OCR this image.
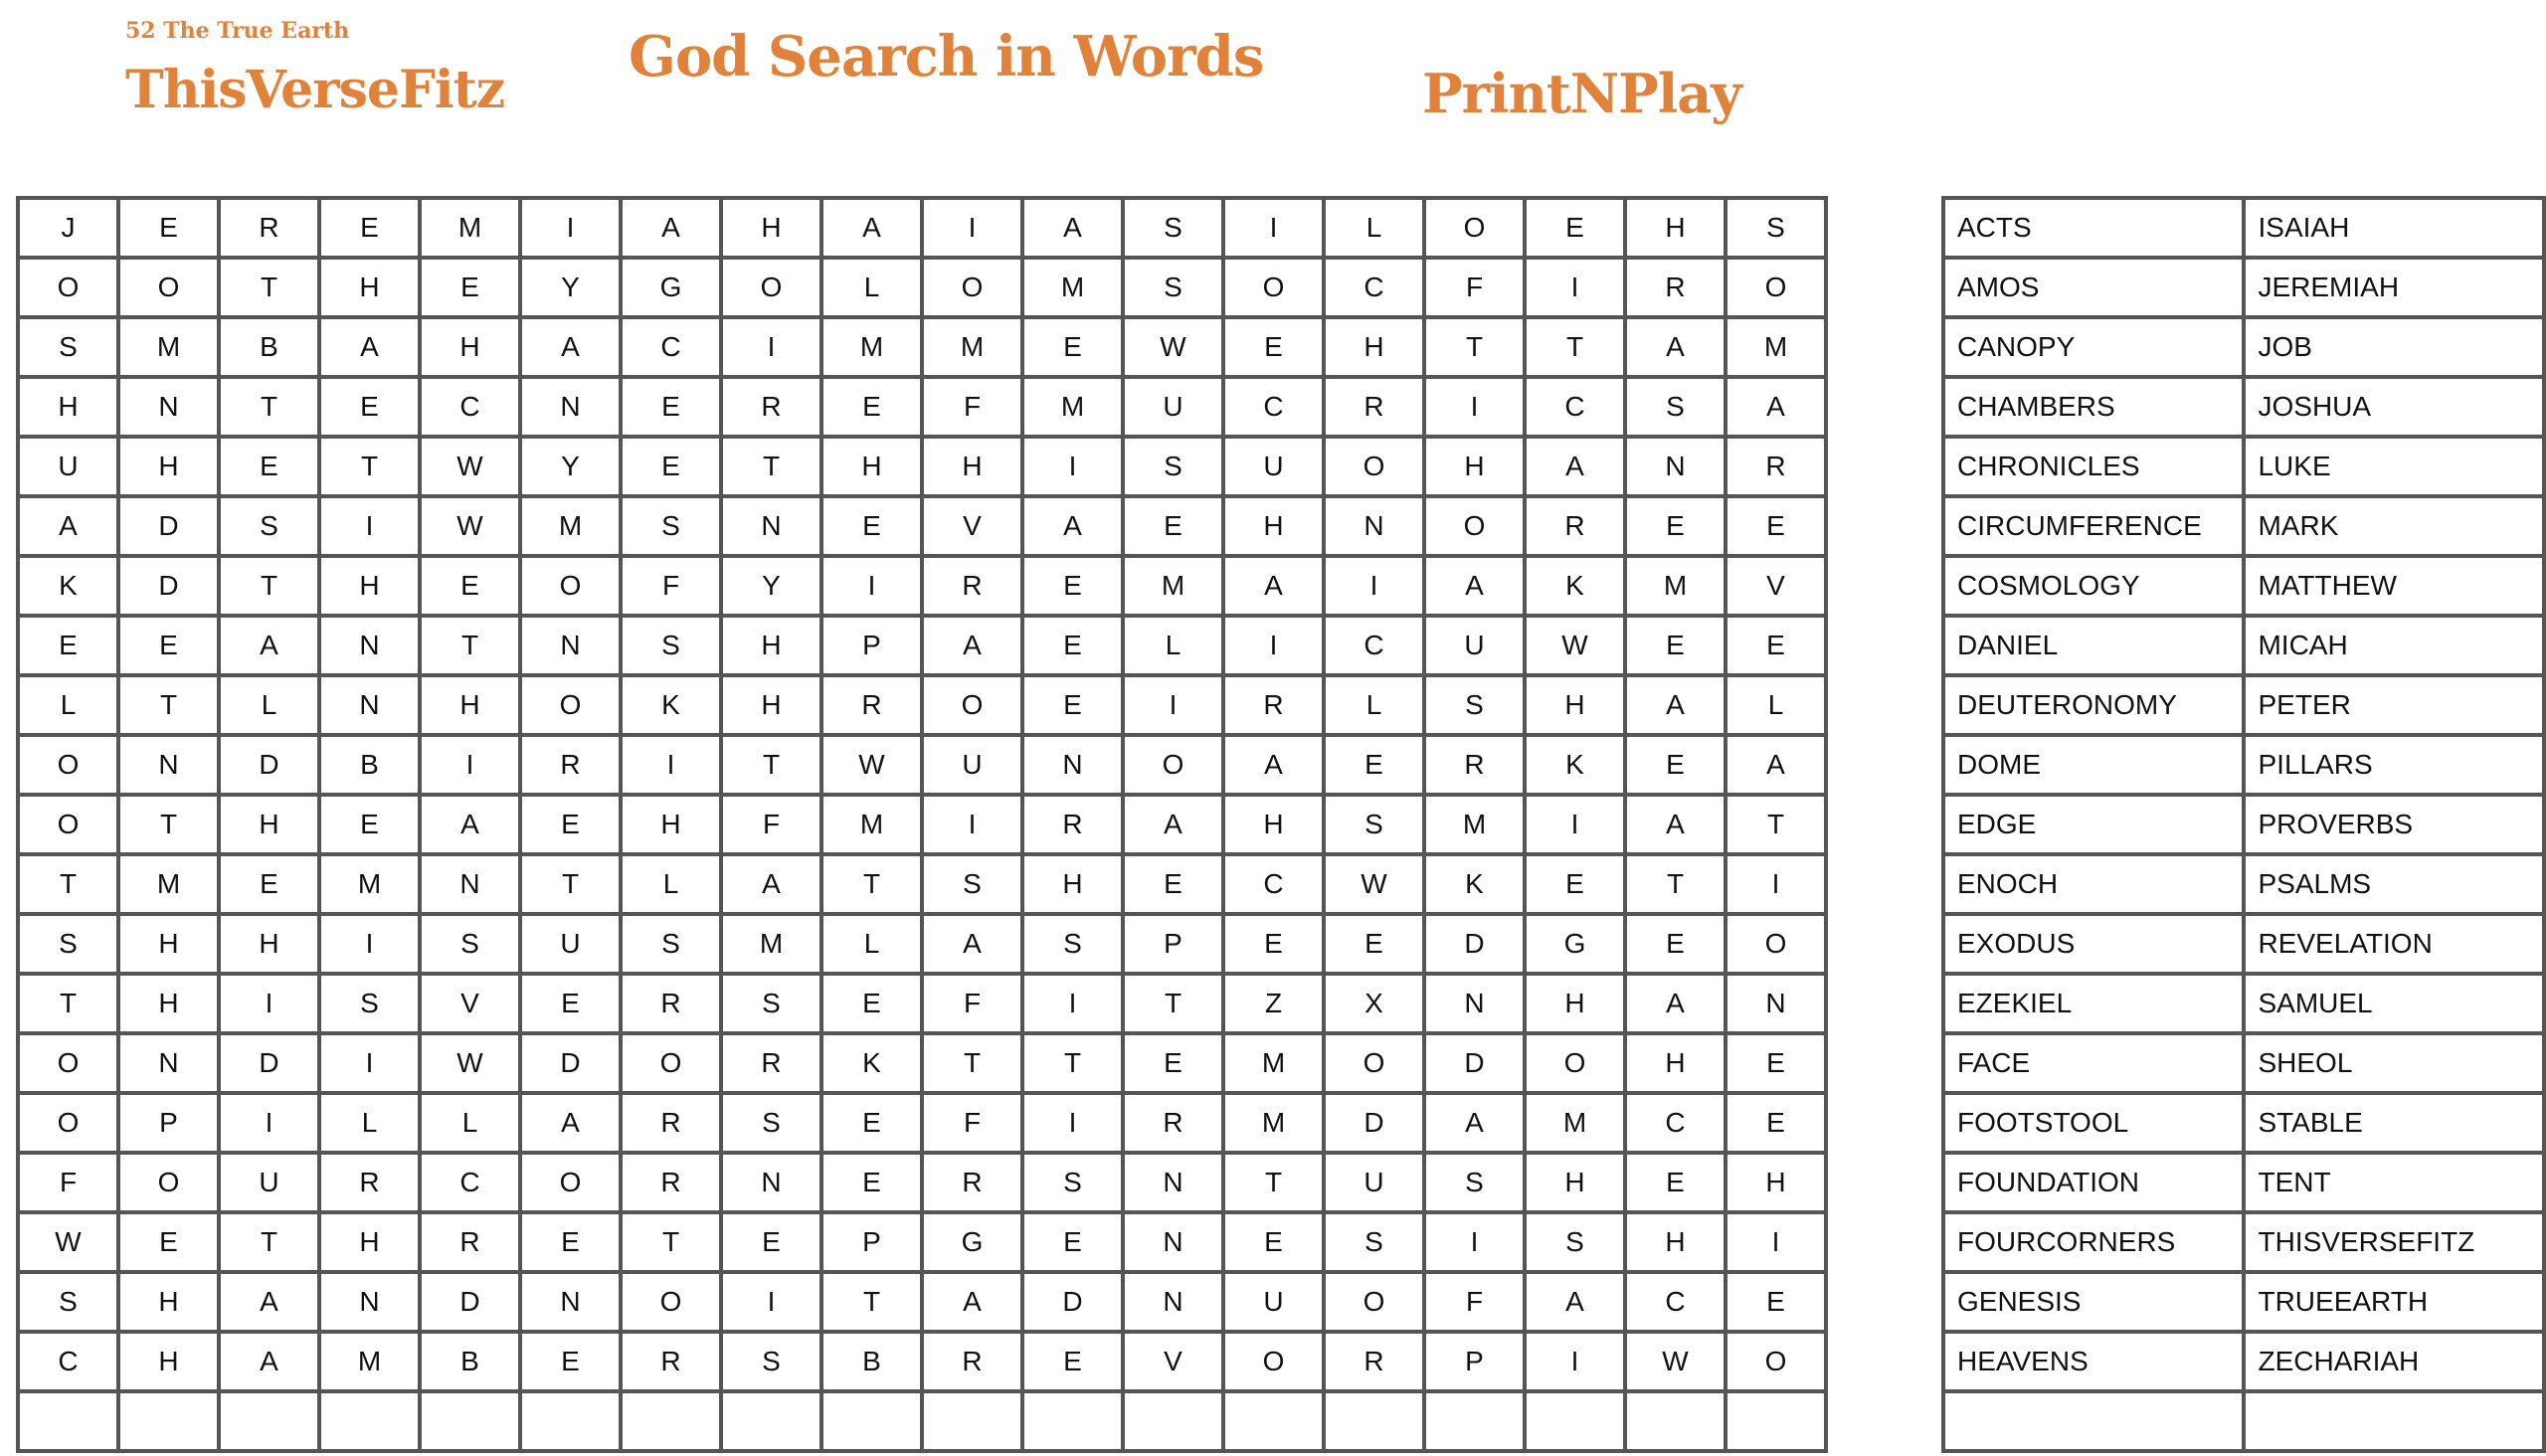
52 The True Earth
ThisVerseFitz
God Search in Words
PrintNPlay
J	E	R	E	M	I	A	H	A	I	A	S	I	L	O	E	H	S
O	O	T	H	E	Y	G	O	L	O	M	S	O	C	F	I	R	O
S	M	B	A	H	A	C	I	M	M	E	W	E	H	T	T	A	M
H	N	T	E	C	N	E	R	E	F	M	U	C	R	I	C	S	A
U	H	E	T	W	Y	E	T	H	H	I	S	U	O	H	A	N	R
A	D	S	I	W	M	S	N	E	V	A	E	H	N	O	R	E	E
K	D	T	H	E	O	F	Y	I	R	E	M	A	I	A	K	M	V
E	E	A	N	T	N	S	H	P	A	E	L	I	C	U	W	E	E
L	T	L	N	H	O	K	H	R	O	E	I	R	L	S	H	A	L
O	N	D	B	I	R	I	T	W	U	N	O	A	E	R	K	E	A
O	T	H	E	A	E	H	F	M	I	R	A	H	S	M	I	A	T
T	M	E	M	N	T	L	A	T	S	H	E	C	W	K	E	T	I
S	H	H	I	S	U	S	M	L	A	S	P	E	E	D	G	E	O
T	H	I	S	V	E	R	S	E	F	I	T	Z	X	N	H	A	N
O	N	D	I	W	D	O	R	K	T	T	E	M	O	D	O	H	E
O	P	I	L	L	A	R	S	E	F	I	R	M	D	A	M	C	E
F	O	U	R	C	O	R	N	E	R	S	N	T	U	S	H	E	H
W	E	T	H	R	E	T	E	P	G	E	N	E	S	I	S	H	I
S	H	A	N	D	N	O	I	T	A	D	N	U	O	F	A	C	E
C	H	A	M	B	E	R	S	B	R	E	V	O	R	P	I	W	O

ACTS	ISAIAH
AMOS	JEREMIAH
CANOPY	JOB
CHAMBERS	JOSHUA
CHRONICLES	LUKE
CIRCUMFERENCE	MARK
COSMOLOGY	MATTHEW
DANIEL	MICAH
DEUTERONOMY	PETER
DOME	PILLARS
EDGE	PROVERBS
ENOCH	PSALMS
EXODUS	REVELATION
EZEKIEL	SAMUEL
FACE	SHEOL
FOOTSTOOL	STABLE
FOUNDATION	TENT
FOURCORNERS	THISVERSEFITZ
GENESIS	TRUEEARTH
HEAVENS	ZECHARIAH
